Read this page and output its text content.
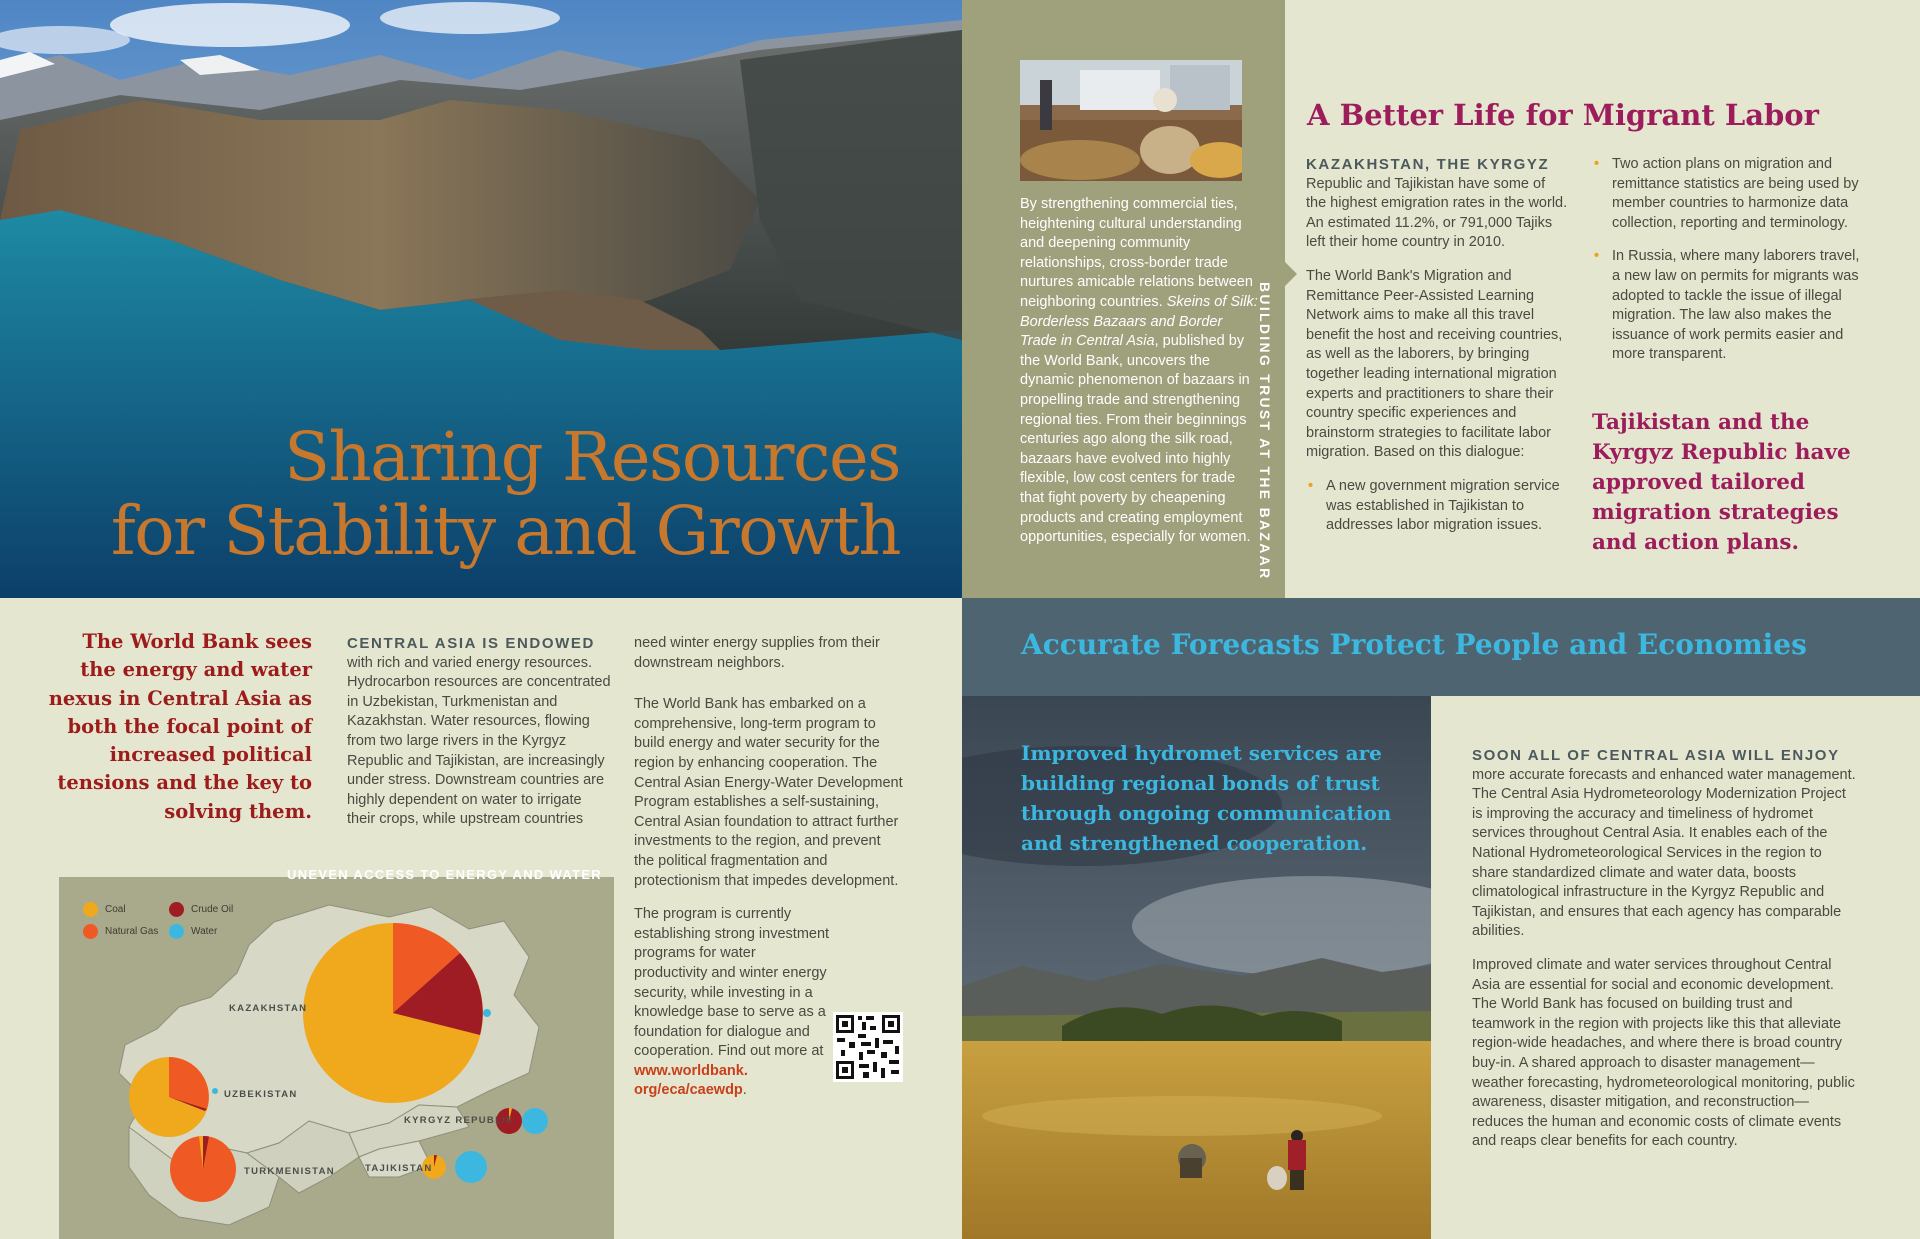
Sharing Resources
for Stability and Growth
By strengthening commercial ties, heightening cultural understanding and deepening community relationships, cross-border trade nurtures amicable relations between neighboring countries. Skeins of Silk: Borderless Bazaars and Border Trade in Central Asia, published by the World Bank, uncovers the dynamic phenomenon of bazaars in propelling trade and strengthening regional ties. From their beginnings centuries ago along the silk road, bazaars have evolved into highly flexible, low cost centers for trade that fight poverty by cheapening products and creating employment opportunities, especially for women. BUILDING TRUST AT THE BAZAAR
A Better Life for Migrant Labor
KAZAKHSTAN, THE KYRGYZ

Republic and Tajikistan have some of the highest emigration rates in the world. An estimated 11.2%, or 791,000 Tajiks left their home country in 2010.

The World Bank's Migration and Remittance Peer-Assisted Learning Network aims to make all this travel benefit the host and receiving countries, as well as the laborers, by bringing together leading international migration experts and practitioners to share their country specific experiences and brainstorm strategies to facilitate labor migration. Based on this dialogue:

• A new government migration service was established in Tajikistan to addresses labor migration issues.
• Two action plans on migration and remittance statistics are being used by member countries to harmonize data collection, reporting and terminology.
• In Russia, where many laborers travel, a new law on permits for migrants was adopted to tackle the issue of illegal migration. The law also makes the issuance of work permits easier and more transparent.
Tajikistan and the Kyrgyz Republic have approved tailored migration strategies and action plans.
The World Bank sees the energy and water nexus in Central Asia as both the focal point of increased political tensions and the key to solving them.
CENTRAL ASIA IS ENDOWED

with rich and varied energy resources. Hydrocarbon resources are concentrated in Uzbekistan, Turkmenistan and Kazakhstan. Water resources, flowing from two large rivers in the Kyrgyz Republic and Tajikistan, are increasingly under stress. Downstream countries are highly dependent on water to irrigate their crops, while upstream countries

need winter energy supplies from their downstream neighbors.

The World Bank has embarked on a comprehensive, long-term program to build energy and water security for the region by enhancing cooperation. The Central Asian Energy-Water Development Program establishes a self-sustaining, Central Asian foundation to attract further investments to the region, and prevent the political fragmentation and protectionism that impedes development.

The program is currently establishing strong investment programs for water productivity and winter energy security, while investing in a knowledge base to serve as a foundation for dialogue and cooperation. Find out more at www.worldbank. org/eca/caewdp.

UNEVEN ACCESS TO ENERGY AND WATER
Coal	Crude Oil
Natural Gas	Water
KAZAKHSTAN
UZBEKISTAN
KYRGYZ REPUBLIC
TURKMENISTAN	TAJIKISTAN
Accurate Forecasts Protect People and Economies
Improved hydromet services are building regional bonds of trust through ongoing communication and strengthened cooperation.
SOON ALL OF CENTRAL ASIA WILL ENJOY

more accurate forecasts and enhanced water management. The Central Asia Hydrometeorology Modernization Project is improving the accuracy and timeliness of hydromet services throughout Central Asia. It enables each of the National Hydrometeorological Services in the region to share standardized climate and water data, boosts climatological infrastructure in the Kyrgyz Republic and Tajikistan, and ensures that each agency has comparable abilities.

Improved climate and water services throughout Central Asia are essential for social and economic development. The World Bank has focused on building trust and teamwork in the region with projects like this that alleviate region-wide headaches, and where there is broad country buy-in. A shared approach to disaster management—weather forecasting, hydrometeorological monitoring, public awareness, disaster mitigation, and reconstruction—reduces the human and economic costs of climate events and reaps clear benefits for each country.
